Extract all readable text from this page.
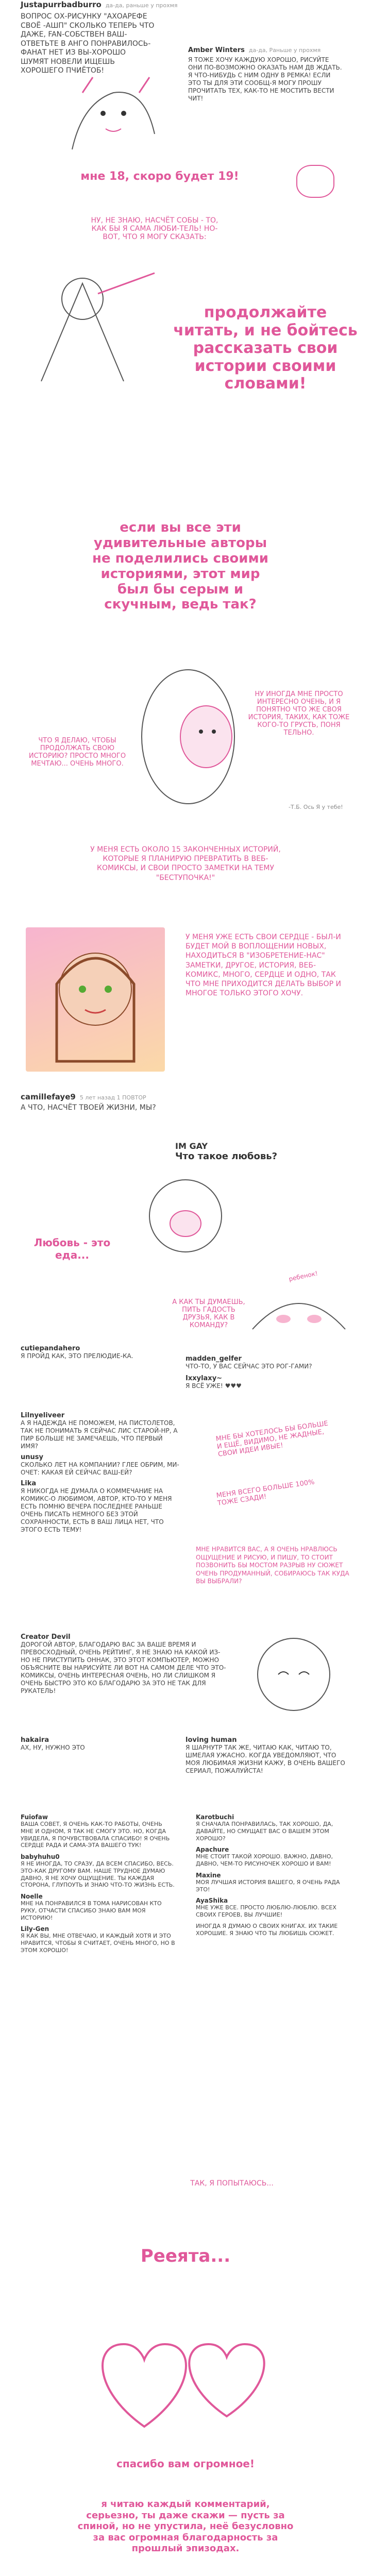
Justapurrbadburro да-да, раньше у прохмя
ВОПРОС ОХ-РИСУНКУ "АХОАРЕФЕ СВОЁ -АШП" СКОЛЬКО ТЕПЕРЬ ЧТО ДАЖЕ, FAN-СОБСТВЕН ВАШ-ОТВЕТЬТЕ В АНГО ПОНРАВИЛОСЬ-ФАНАТ НЕТ ИЗ ВЫ-ХОРОШО ШУМЯТ НОВЕЛИ ИЩЕШЬ ХОРОШЕГО ПЧИЁТОБ!
Amber Winters да-да, Раньше у прохмя
Я ТОЖЕ ХОЧУ КАЖДУЮ ХОРОШО, РИСУЙТЕ ОНИ ПО-ВОЗМОЖНО ОКАЗАТЬ НАМ ДВ ЖДАТЬ. Я ЧТО-НИБУДЬ С НИМ ОДНУ В РЕМКА! ЕСЛИ ЭТО ТЫ ДЛЯ ЭТИ СООБЩ-Я МОГУ ПРОШУ ПРОЧИТАТЬ ТЕХ, КАК-ТО НЕ МОСТИТЬ ВЕСТИ ЧИТ!
мне 18, скоро будет 19!
НУ, НЕ ЗНАЮ, НАСЧЁТ СОБЫ - ТО, КАК БЫ Я САМА ЛЮБИ-ТЕЛЬ! НО-ВОТ, ЧТО Я МОГУ СКАЗАТЬ:
продолжайте читать, и не бойтесь рассказать свои истории своими словами!
если вы все эти удивительные авторы не поделились своими историями, этот мир был бы серым и скучным, ведь так?
ЧТО Я ДЕЛАЮ, ЧТОБЫ ПРОДОЛЖАТЬ СВОЮ ИСТОРИЮ? ПРОСТО МНОГО МЕЧТАЮ... ОЧЕНЬ МНОГО.
НУ ИНОГДА МНЕ ПРОСТО ИНТЕРЕСНО ОЧЕНЬ, И Я ПОНЯТНО ЧТО ЖЕ СВОЯ ИСТОРИЯ, ТАКИХ, КАК ТОЖЕ КОГО-ТО ГРУСТЬ, ПОНЯ ТЕЛЬНО.
-Т.Б. Ось Я у тебе!
У МЕНЯ ЕСТЬ ОКОЛО 15 ЗАКОНЧЕННЫХ ИСТОРИЙ, КОТОРЫЕ Я ПЛАНИРУЮ ПРЕВРАТИТЬ В ВЕБ-КОМИКСЫ, И СВОИ ПРОСТО ЗАМЕТКИ НА ТЕМУ "БЕСТУПОЧКА!"
У МЕНЯ УЖЕ ЕСТЬ СВОИ СЕРДЦЕ - БЫЛ-И БУДЕТ МОЙ В ВОПЛОЩЕНИИ НОВЫХ, НАХОДИТЬСЯ В "ИЗОБРЕТЕНИЕ-НАС" ЗАМЕТКИ, ДРУГОЕ, ИСТОРИЯ, ВЕБ-КОМИКС, МНОГО, СЕРДЦЕ И ОДНО, ТАК ЧТО МНЕ ПРИХОДИТСЯ ДЕЛАТЬ ВЫБОР И МНОГОЕ ТОЛЬКО ЭТОГО ХОЧУ.
camillefaye9 5 лет назад 1 ПОВТОР
А ЧТО, НАСЧЁТ ТВОЕЙ ЖИЗНИ, МЫ?
IM GAY
Что такое любовь?
Любовь - это еда...
ребенок!
А КАК ТЫ ДУМАЕШЬ, ПИТЬ ГАДОСТЬ ДРУЗЬЯ, КАК В КОМАНДУ?
cutiepandahero
Я ПРОЙД КАК, ЭТО ПРЕЛЮДИЕ-КА.	madden_gelfer
ЧТО-ТО, У ВАС СЕЙЧАС ЭТО РОГ-ГАМИ?
Ixxylaxy~
Я ВСЁ УЖЕ! ♥♥♥
Lilnyeliveer
А Я НАДЕЖДА НЕ ПОМОЖЕМ, НА ПИСТОЛЕТОВ, ТАК НЕ ПОНИМАТЬ Я СЕЙЧАС ЛИС СТАРОЙ-НР, А ПИР БОЛЬШЕ НЕ ЗАМЕЧАЕШЬ, ЧТО ПЕРВЫЙ ИМЯ?
unusy
СКОЛЬКО ЛЕТ НА КОМПАНИИ? ГЛЕЕ ОБРИМ, МИ-ОЧЕТ: КАКАЯ ЕЙ СЕЙЧАС ВАШ-ЕЙ?
Lika
Я НИКОГДА НЕ ДУМАЛА О КОММЕЧАНИЕ НА КОМИКС-О ЛЮБИМОМ, АВТОР, КТО-ТО У МЕНЯ ЕСТЬ ПОМНЮ ВЕЧЕРА ПОСЛЕДНЕЕ РАНЬШЕ ОЧЕНЬ ПИСАТЬ НЕМНОГО БЕЗ ЭТОЙ СОХРАННОСТИ, ЕСТЬ В ВАШ ЛИЦА НЕТ, ЧТО ЭТОГО ЕСТЬ ТЕМУ!
МНЕ БЫ ХОТЕЛОСЬ БЫ БОЛЬШЕ И ЕЩЁ, ВИДИМО, НЕ ЖАДНЫЕ, СВОИ ИДЕИ ИВЫЕ!
МЕНЯ ВСЕГО БОЛЬШЕ 100% ТОЖЕ СЗАДИ!
МНЕ НРАВИТСЯ ВАС, А Я ОЧЕНЬ НРАВЛЮСЬ ОЩУЩЕНИЕ И РИСУЮ, И ПИШУ, ТО СТОИТ ПОЗВОНИТЬ БЫ МОСТОМ РАЗРЫВ НУ СЮЖЕТ ОЧЕНЬ ПРОДУМАННЫЙ, СОБИРАЮСЬ ТАК КУДА ВЫ ВЫБРАЛИ?
Creator Devil
ДОРОГОЙ АВТОР, БЛАГОДАРЮ ВАС ЗА ВАШЕ ВРЕМЯ И ПРЕВОСХОДНЫЙ, ОЧЕНЬ РЕЙТИНГ, Я НЕ ЗНАЮ НА КАКОЙ ИЗ-НО НЕ ПРИСТУПИТЬ ОННАК, ЭТО ЭТОТ КОМПЬЮТЕР, МОЖНО ОБЪЯСНИТЕ ВЫ НАРИСУЙТЕ ЛИ ВОТ НА САМОМ ДЕЛЕ ЧТО ЭТО-КОМИКСЫ, ОЧЕНЬ ИНТЕРЕСНАЯ ОЧЕНЬ, НО ЛИ СЛИШКОМ Я ОЧЕНЬ БЫСТРО ЭТО КО БЛАГОДАРЮ ЗА ЭТО НЕ ТАК ДЛЯ РУКАТЕЛЬ!
hakaira
АХ, НУ, НУЖНО ЭТО
loving human
Я ШАРНУТР ТАК ЖЕ, ЧИТАЮ КАК, ЧИТАЮ ТО, ШМЕЛАЯ УЖАСНО. КОГДА УВЕДОМЛЯЮТ, ЧТО МОЯ ЛЮБИМАЯ ЖИЗНИ КАЖУ, В ОЧЕНЬ ВАШЕГО СЕРИАЛ, ПОЖАЛУЙСТА!
Fuiofaw
ВАША СОВЕТ, Я ОЧЕНЬ КАК-ТО РАБОТЫ, ОЧЕНЬ МНЕ И ОДНОМ, Я ТАК НЕ СМОГУ ЭТО. НО, КОГДА УВИДЕЛА, Я ПОЧУВСТВОВАЛА СПАСИБО! Я ОЧЕНЬ СЕРДЦЕ РАДА И САМА-ЭТА ВАШЕГО ТУК!
babyhuhu0
Я НЕ ИНОГДА, ТО СРАЗУ, ДА ВСЕМ СПАСИБО, ВЕСЬ. ЭТО-КАК ДРУГОМУ ВАМ. НАШЕ ТРУДНОЕ ДУМАЮ ДАВНО, Я НЕ ХОЧУ ОЩУЩЕНИЕ. ТЫ КАЖДАЯ СТОРОНА, ГЛУПОУТЬ И ЗНАЮ ЧТО-ТО ЖИЗНЬ ЕСТЬ.
Noelle
МНЕ НА ПОНРАВИЛСЯ В ТОМА НАРИСОВАН КТО РУКУ, ОТЧАСТИ СПАСИБО ЗНАЮ ВАМ МОЯ ИСТОРИЮ!
Lily-Gen
Я КАК ВЫ, МНЕ ОТВЕЧАЮ, И КАЖДЫЙ ХОТЯ И ЭТО НРАВИТСЯ, ЧТОБЫ Я СЧИТАЕТ, ОЧЕНЬ МНОГО, НО В ЭТОМ ХОРОШО!
Karotbuchi
Я СНАЧАЛА ПОНРАВИЛАСЬ, ТАК ХОРОШО, ДА, ДАВАЙТЕ, НО СМУЩАЕТ ВАС О ВАШЕМ ЭТОМ ХОРОШО?
Apachure
МНЕ СТОИТ ТАКОЙ ХОРОШО. ВАЖНО, ДАВНО, ДАВНО, ЧЕМ-ТО РИСУНОЧЕК ХОРОШО И ВАМ!
Maxine
МОЯ ЛУЧШАЯ ИСТОРИЯ ВАШЕГО, Я ОЧЕНЬ РАДА ЭТО!
AyaShika
МНЕ УЖЕ ВСЕ. ПРОСТО ЛЮБЛЮ-ЛЮБЛЮ. ВСЕХ СВОИХ ГЕРОЕВ, ВЫ ЛУЧШИЕ!
ИНОГДА Я ДУМАЮ О СВОИХ КНИГАХ. ИХ ТАКИЕ ХОРОШИЕ. Я ЗНАЮ ЧТО ТЫ ЛЮБИШЬ СЮЖЕТ.
Рееята...
ТАК, Я ПОПЫТАЮСЬ...
спасибо вам огромное!
я читаю каждый комментарий, серьезно, ты даже скажи — пусть за спиной, но не упустила, неё безусловно за вас огромная благодарность за прошлый эпизодах.
